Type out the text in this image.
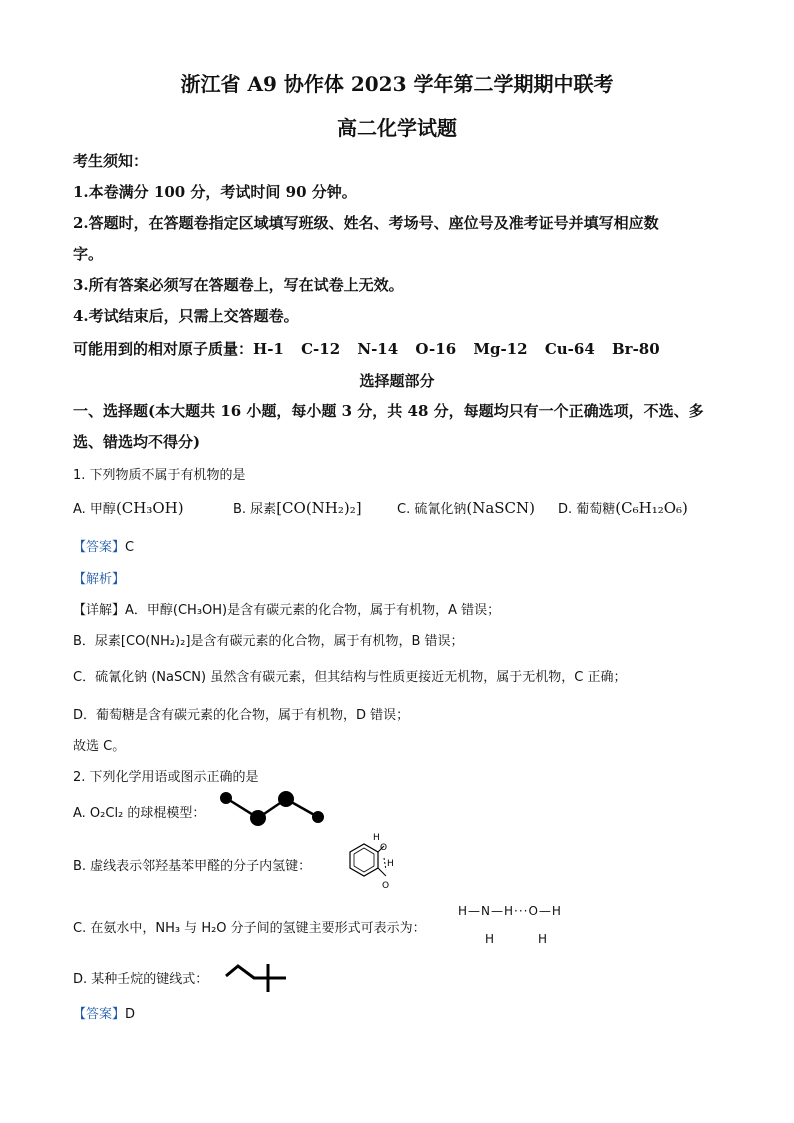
浙江省 A9 协作体 2023 学年第二学期期中联考
高二化学试题
考生须知：
1.本卷满分 100 分，考试时间 90 分钟。
2.答题时，在答题卷指定区域填写班级、姓名、考场号、座位号及准考证号并填写相应数
字。
3.所有答案必须写在答题卷上，写在试卷上无效。
4.考试结束后，只需上交答题卷。
可能用到的相对原子质量：H-1 C-12 N-14 O-16 Mg-12 Cu-64 Br-80
选择题部分
一、选择题(本大题共 16 小题，每小题 3 分，共 48 分，每题均只有一个正确选项，不选、多
选、错选均不得分)
1. 下列物质不属于有机物的是
A. 甲醇(CH₃OH)	B. 尿素[CO(NH₂)₂]	C. 硫氰化钠(NaSCN) D. 葡萄糖(C₆H₁₂O₆)
【答案】C
【解析】
【详解】A．甲醇(CH₃OH)是含有碳元素的化合物，属于有机物，A 错误；
B．尿素[CO(NH₂)₂]是含有碳元素的化合物，属于有机物，B 错误；
C．硫氰化钠 (NaSCN) 虽然含有碳元素，但其结构与性质更接近无机物，属于无机物，C 正确；
D．葡萄糖是含有碳元素的化合物，属于有机物，D 错误；
故选 C。
2. 下列化学用语或图示正确的是
A. O₂Cl₂ 的球棍模型：
B. 虚线表示邻羟基苯甲醛的分子内氢键：
H
O
H
O
C. 在氨水中，NH₃ 与 H₂O 分子间的氢键主要形式可表示为：
H—N—H···O—H
H	H
D. 某种壬烷的键线式：
【答案】D
